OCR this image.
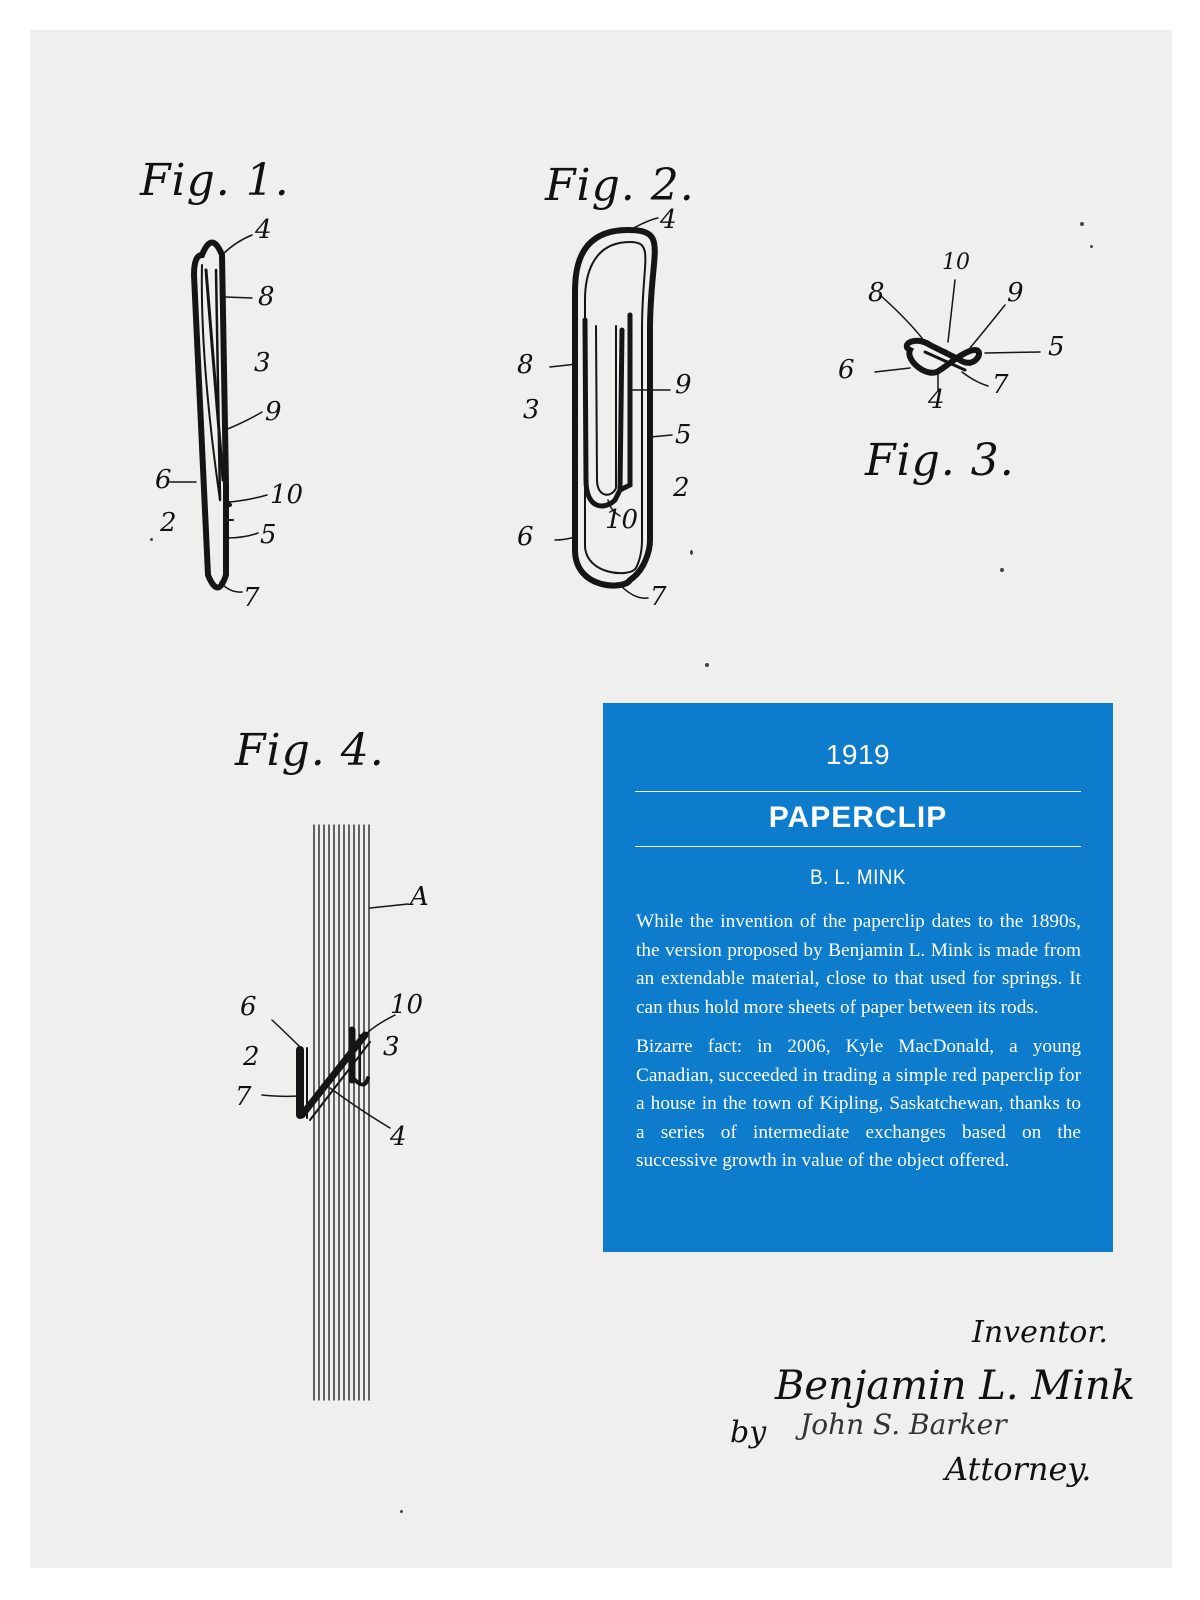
Fig. 1.	Fig. 2.
Fig. 3.
Fig. 4.
4
8
3
9
6
2
10
5
7
4
8
3
9
5
2
10
6
7
10
8	9
5
6
4 7
A
6	10
2	3
7
4
1919
PAPERCLIP
B. L. MINK

While the invention of the paperclip dates to the 1890s, the version proposed by Benjamin L. Mink is made from an extendable material, close to that used for springs. It can thus hold more sheets of paper between its rods.

Bizarre fact: in 2006, Kyle MacDonald, a young Canadian, succeeded in trading a simple red paperclip for a house in the town of Kipling, Saskatchewan, thanks to a series of intermediate exchanges based on the successive growth in value of the object offered.

Inventor.
Benjamin L. Mink
by John S. Barker
Attorney.
